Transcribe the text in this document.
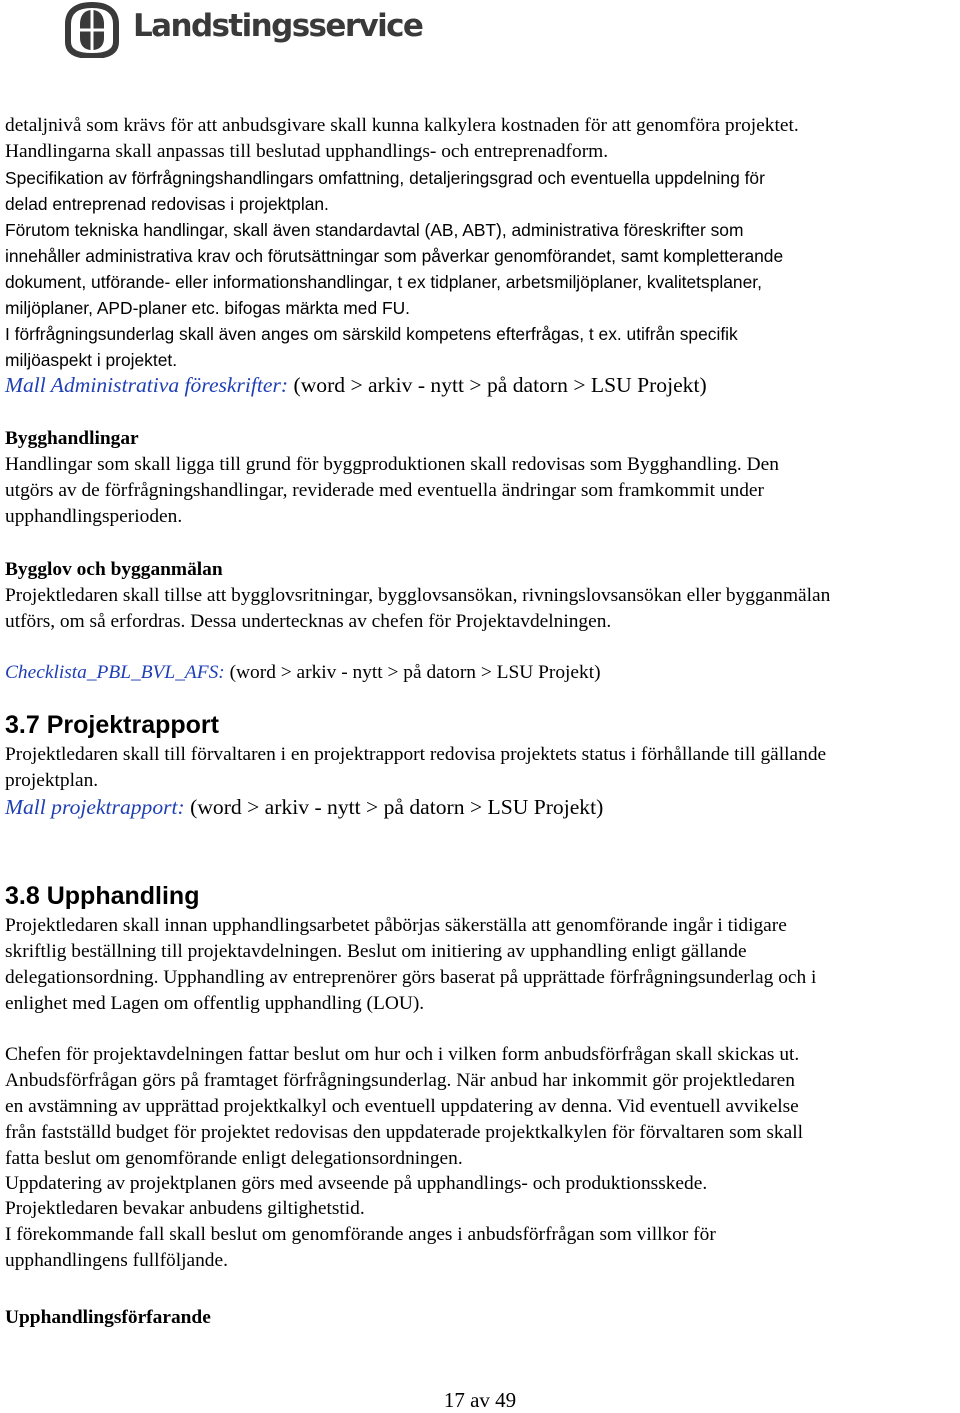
Landstingsservice
detaljnivå som krävs för att anbudsgivare skall kunna kalkylera kostnaden för att genomföra projektet.
Handlingarna skall anpassas till beslutad upphandlings- och entreprenadform.
Specifikation av förfrågningshandlingars omfattning, detaljeringsgrad och eventuella uppdelning för
delad entreprenad redovisas i projektplan.
Förutom tekniska handlingar, skall även standardavtal (AB, ABT), administrativa föreskrifter som
innehåller administrativa krav och förutsättningar som påverkar genomförandet, samt kompletterande
dokument, utförande- eller informationshandlingar, t ex tidplaner, arbetsmiljöplaner, kvalitetsplaner,
miljöplaner, APD-planer etc. bifogas märkta med FU.
I förfrågningsunderlag skall även anges om särskild kompetens efterfrågas, t ex. utifrån specifik
miljöaspekt i projektet.
Mall Administrativa föreskrifter: (word > arkiv - nytt > på datorn > LSU Projekt)
Bygghandlingar
Handlingar som skall ligga till grund för byggproduktionen skall redovisas som Bygghandling. Den
utgörs av de förfrågningshandlingar, reviderade med eventuella ändringar som framkommit under
upphandlingsperioden.
Bygglov och bygganmälan
Projektledaren skall tillse att bygglovsritningar, bygglovsansökan, rivningslovsansökan eller bygganmälan
utförs, om så erfordras. Dessa undertecknas av chefen för Projektavdelningen.
Checklista_PBL_BVL_AFS: (word > arkiv - nytt > på datorn > LSU Projekt)
3.7 Projektrapport
Projektledaren skall till förvaltaren i en projektrapport redovisa projektets status i förhållande till gällande
projektplan.
Mall projektrapport: (word > arkiv - nytt > på datorn > LSU Projekt)
3.8 Upphandling
Projektledaren skall innan upphandlingsarbetet påbörjas säkerställa att genomförande ingår i tidigare
skriftlig beställning till projektavdelningen. Beslut om initiering av upphandling enligt gällande
delegationsordning. Upphandling av entreprenörer görs baserat på upprättade förfrågningsunderlag och i
enlighet med Lagen om offentlig upphandling (LOU).
Chefen för projektavdelningen fattar beslut om hur och i vilken form anbudsförfrågan skall skickas ut.
Anbudsförfrågan görs på framtaget förfrågningsunderlag. När anbud har inkommit gör projektledaren
en avstämning av upprättad projektkalkyl och eventuell uppdatering av denna. Vid eventuell avvikelse
från fastställd budget för projektet redovisas den uppdaterade projektkalkylen för förvaltaren som skall
fatta beslut om genomförande enligt delegationsordningen.
Uppdatering av projektplanen görs med avseende på upphandlings- och produktionsskede.
Projektledaren bevakar anbudens giltighetstid.
I förekommande fall skall beslut om genomförande anges i anbudsförfrågan som villkor för
upphandlingens fullföljande.
Upphandlingsförfarande
17 av 49
